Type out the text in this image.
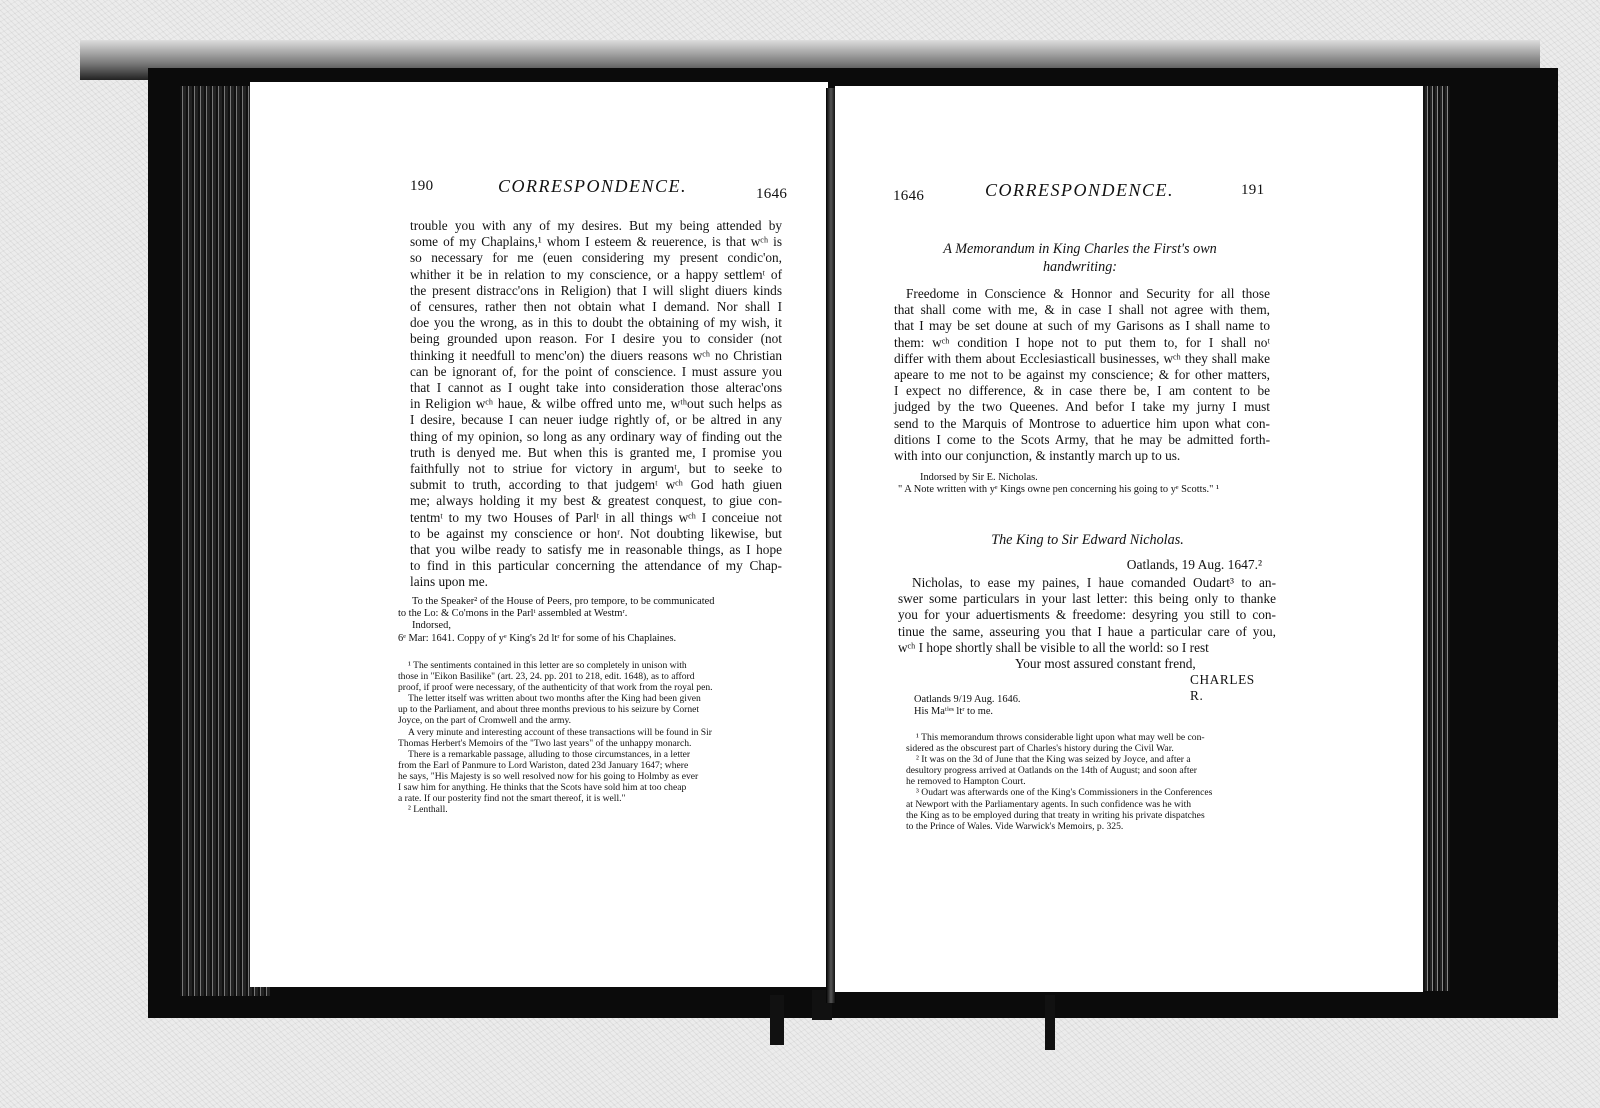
190	CORRESPONDENCE.	1646
trouble you with any of my desires. But my being attended by
some of my Chaplains,¹ whom I esteem & reuerence, is that wᶜʰ is
so necessary for me (euen considering my present condic'on,
whither it be in relation to my conscience, or a happy settlemᵗ of
the present distracc'ons in Religion) that I will slight diuers kinds
of censures, rather then not obtain what I demand. Nor shall I
doe you the wrong, as in this to doubt the obtaining of my wish, it
being grounded upon reason. For I desire you to consider (not
thinking it needfull to menc'on) the diuers reasons wᶜʰ no Christian
can be ignorant of, for the point of conscience. I must assure you
that I cannot as I ought take into consideration those alterac'ons
in Religion wᶜʰ haue, & wilbe offred unto me, wᵗʰout such helps as
I desire, because I can neuer iudge rightly of, or be altred in any
thing of my opinion, so long as any ordinary way of finding out the
truth is denyed me. But when this is granted me, I promise you
faithfully not to striue for victory in argumᵗ, but to seeke to
submit to truth, according to that judgemᵗ wᶜʰ God hath giuen
me; always holding it my best & greatest conquest, to giue con-
tentmᵗ to my two Houses of Parlᵗ in all things wᶜʰ I conceiue not
to be against my conscience or honʳ. Not doubting likewise, but
that you wilbe ready to satisfy me in reasonable things, as I hope
to find in this particular concerning the attendance of my Chap-
lains upon me.
To the Speaker² of the House of Peers, pro tempore, to be communicated
to the Lo: & Co'mons in the Parlᵗ assembled at Westmʳ.
Indorsed,
6ᵉ Mar: 1641. Coppy of yᵉ King's 2d ltʳ for some of his Chaplaines.
¹ The sentiments contained in this letter are so completely in unison with
those in "Eikon Basilike" (art. 23, 24. pp. 201 to 218, edit. 1648), as to afford
proof, if proof were necessary, of the authenticity of that work from the royal pen.
The letter itself was written about two months after the King had been given
up to the Parliament, and about three months previous to his seizure by Cornet
Joyce, on the part of Cromwell and the army.
A very minute and interesting account of these transactions will be found in Sir
Thomas Herbert's Memoirs of the "Two last years" of the unhappy monarch.
There is a remarkable passage, alluding to those circumstances, in a letter
from the Earl of Panmure to Lord Wariston, dated 23d January 1647; where
he says, "His Majesty is so well resolved now for his going to Holmby as ever
I saw him for anything. He thinks that the Scots have sold him at too cheap
a rate. If our posterity find not the smart thereof, it is well."
² Lenthall.
1646	CORRESPONDENCE.	191
A Memorandum in King Charles the First's own
handwriting:
Freedome in Conscience & Honnor and Security for all those
that shall come with me, & in case I shall not agree with them,
that I may be set doune at such of my Garisons as I shall name to
them: wᶜʰ condition I hope not to put them to, for I shall noᵗ
differ with them about Ecclesiasticall businesses, wᶜʰ they shall make
apeare to me not to be against my conscience; & for other matters,
I expect no difference, & in case there be, I am content to be
judged by the two Queenes. And befor I take my jurny I must
send to the Marquis of Montrose to aduertice him upon what con-
ditions I come to the Scots Army, that he may be admitted forth-
with into our conjunction, & instantly march up to us.
Indorsed by Sir E. Nicholas.
" A Note written with yᵉ Kings owne pen concerning his going to yᵉ Scotts." ¹
The King to Sir Edward Nicholas.
Oatlands, 19 Aug. 1647.²
Nicholas, to ease my paines, I haue comanded Oudart³ to an-
swer some particulars in your last letter: this being only to thanke
you for your aduertisments & freedome: desyring you still to con-
tinue the same, asseuring you that I haue a particular care of you,
wᶜʰ I hope shortly shall be visible to all the world: so I rest
Your most assured constant frend,
CHARLES R.
Oatlands 9/19 Aug. 1646.
His Maᵗⁱᵉˢ ltʳ to me.
¹ This memorandum throws considerable light upon what may well be con-
sidered as the obscurest part of Charles's history during the Civil War.
² It was on the 3d of June that the King was seized by Joyce, and after a
desultory progress arrived at Oatlands on the 14th of August; and soon after
he removed to Hampton Court.
³ Oudart was afterwards one of the King's Commissioners in the Conferences
at Newport with the Parliamentary agents. In such confidence was he with
the King as to be employed during that treaty in writing his private dispatches
to the Prince of Wales. Vide Warwick's Memoirs, p. 325.
